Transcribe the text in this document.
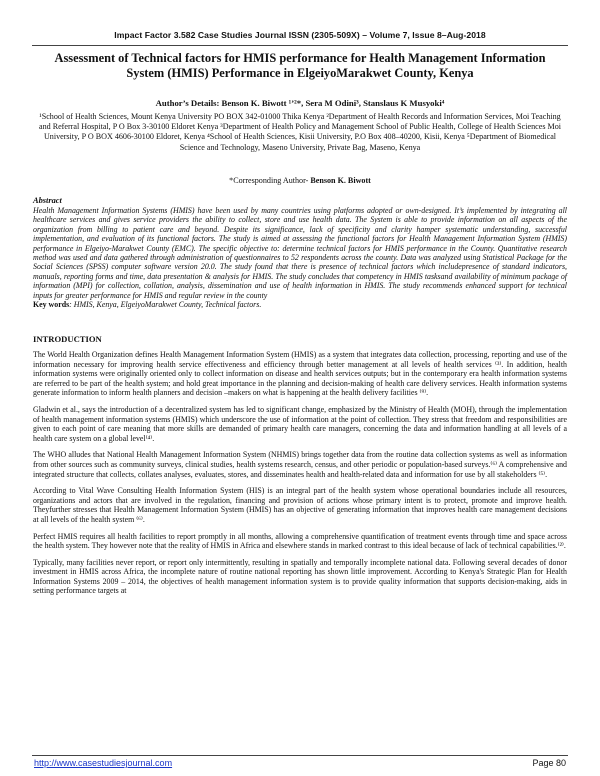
Impact Factor 3.582 Case Studies Journal ISSN (2305-509X) – Volume 7, Issue 8–Aug-2018
Assessment of Technical factors for HMIS performance for Health Management Information System (HMIS) Performance in ElgeiyoMarakwet County, Kenya
Author’s Details: Benson K. Biwott ¹ʼ²*, Sera M Odini³, Stanslaus K Musyoki⁴
¹School of Health Sciences, Mount Kenya University PO BOX 342-01000 Thika Kenya ²Department of Health Records and Information Services, Moi Teaching and Referral Hospital, P O Box 3-30100 Eldoret Kenya ³Department of Health Policy and Management School of Public Health, College of Health Sciences Moi University, P O BOX 4606-30100 Eldoret, Kenya ⁴School of Health Sciences, Kisii University, P.O Box 408–40200, Kisii, Kenya ⁵Department of Biomedical Science and Technology, Maseno University, Private Bag, Maseno, Kenya
*Corresponding Author- Benson K. Biwott
Abstract
Health Management Information Systems (HMIS) have been used by many countries using platforms adopted or own-designed. It’s implemented by integrating all healthcare services and gives service providers the ability to collect, store and use health data. The System is able to provide information on all aspects of the organization from billing to patient care and beyond. Despite its significance, lack of specificity and clarity hamper systematic understanding, successful implementation, and evaluation of its functional factors. The study is aimed at assessing the functional factors for Health Management Information System (HMIS) performance in Elgeiyo-Marakwet County (EMC). The specific objective to: determine technical factors for HMIS performance in the County. Quantitative research method was used and data gathered through administration of questionnaires to 52 respondents across the county. Data was analyzed using Statistical Package for the Social Sciences (SPSS) computer software version 20.0. The study found that there is presence of technical factors which includepresence of standard indicators, manuals, reporting forms and time, data presentation & analysis for HMIS. The study concludes that competency in HMIS tasksand availability of minimum package of information (MPI) for collection, collation, analysis, dissemination and use of health information in HMIS. The study recommends enhanced support for technical inputs for greater performance for HMIS and regular review in the county
Key words: HMIS, Kenya, ElgeiyoMarakwet County, Technical factors.
INTRODUCTION

The World Health Organization defines Health Management Information System (HMIS) as a system that integrates data collection, processing, reporting and use of the information necessary for improving health service effectiveness and efficiency through better management at all levels of health services ⁽³⁾. In addition, health information systems were originally oriented only to collect information on disease and health services outputs; but in the contemporary era health information systems are referred to be part of the health system; and hold great importance in the planning and decision-making of health care delivery services. Health information systems generate information to inform health planners and decision –makers on what is happening at the health delivery facilities ⁽⁹⁾.

Gladwin et al., says the introduction of a decentralized system has led to significant change, emphasized by the Ministry of Health (MOH), through the implementation of health management information systems (HMIS) which underscore the use of information at the point of collection. They stress that freedom and responsibilities are given to each point of care meaning that more skills are demanded of primary health care managers, concerning the data and information handling at all levels of a health care system on a global level⁽⁴⁾.

The WHO alludes that National Health Management Information System (NHMIS) brings together data from the routine data collection systems as well as information from other sources such as community surveys, clinical studies, health systems research, census, and other periodic or population-based surveys.⁽⁶⁾ A comprehensive and integrated structure that collects, collates analyses, evaluates, stores, and disseminates health and health-related data and information for use by all stakeholders ⁽⁵⁾.

According to Vital Wave Consulting Health Information System (HIS) is an integral part of the health system whose operational boundaries include all resources, organizations and actors that are involved in the regulation, financing and provision of actions whose primary intent is to protect, promote and improve health. Theyfurther stresses that Health Management Information System (HMIS) has an objective of generating information that improves health care management decisions at all levels of the health system ⁽⁶⁾.

Perfect HMIS requires all health facilities to report promptly in all months, allowing a comprehensive quantification of treatment events through time and space across the health system. They however note that the reality of HMIS in Africa and elsewhere stands in marked contrast to this ideal because of lack of technical capabilities.⁽²⁾.

Typically, many facilities never report, or report only intermittently, resulting in spatially and temporally incomplete national data. Following several decades of donor investment in HMIS across Africa, the incomplete nature of routine national reporting has shown little improvement. According to Kenya's Strategic Plan for Health Information Systems 2009 – 2014, the objectives of health management information system is to provide quality information that supports decision-making, aids in setting performance targets at

http://www.casestudiesjournal.com	Page 80
